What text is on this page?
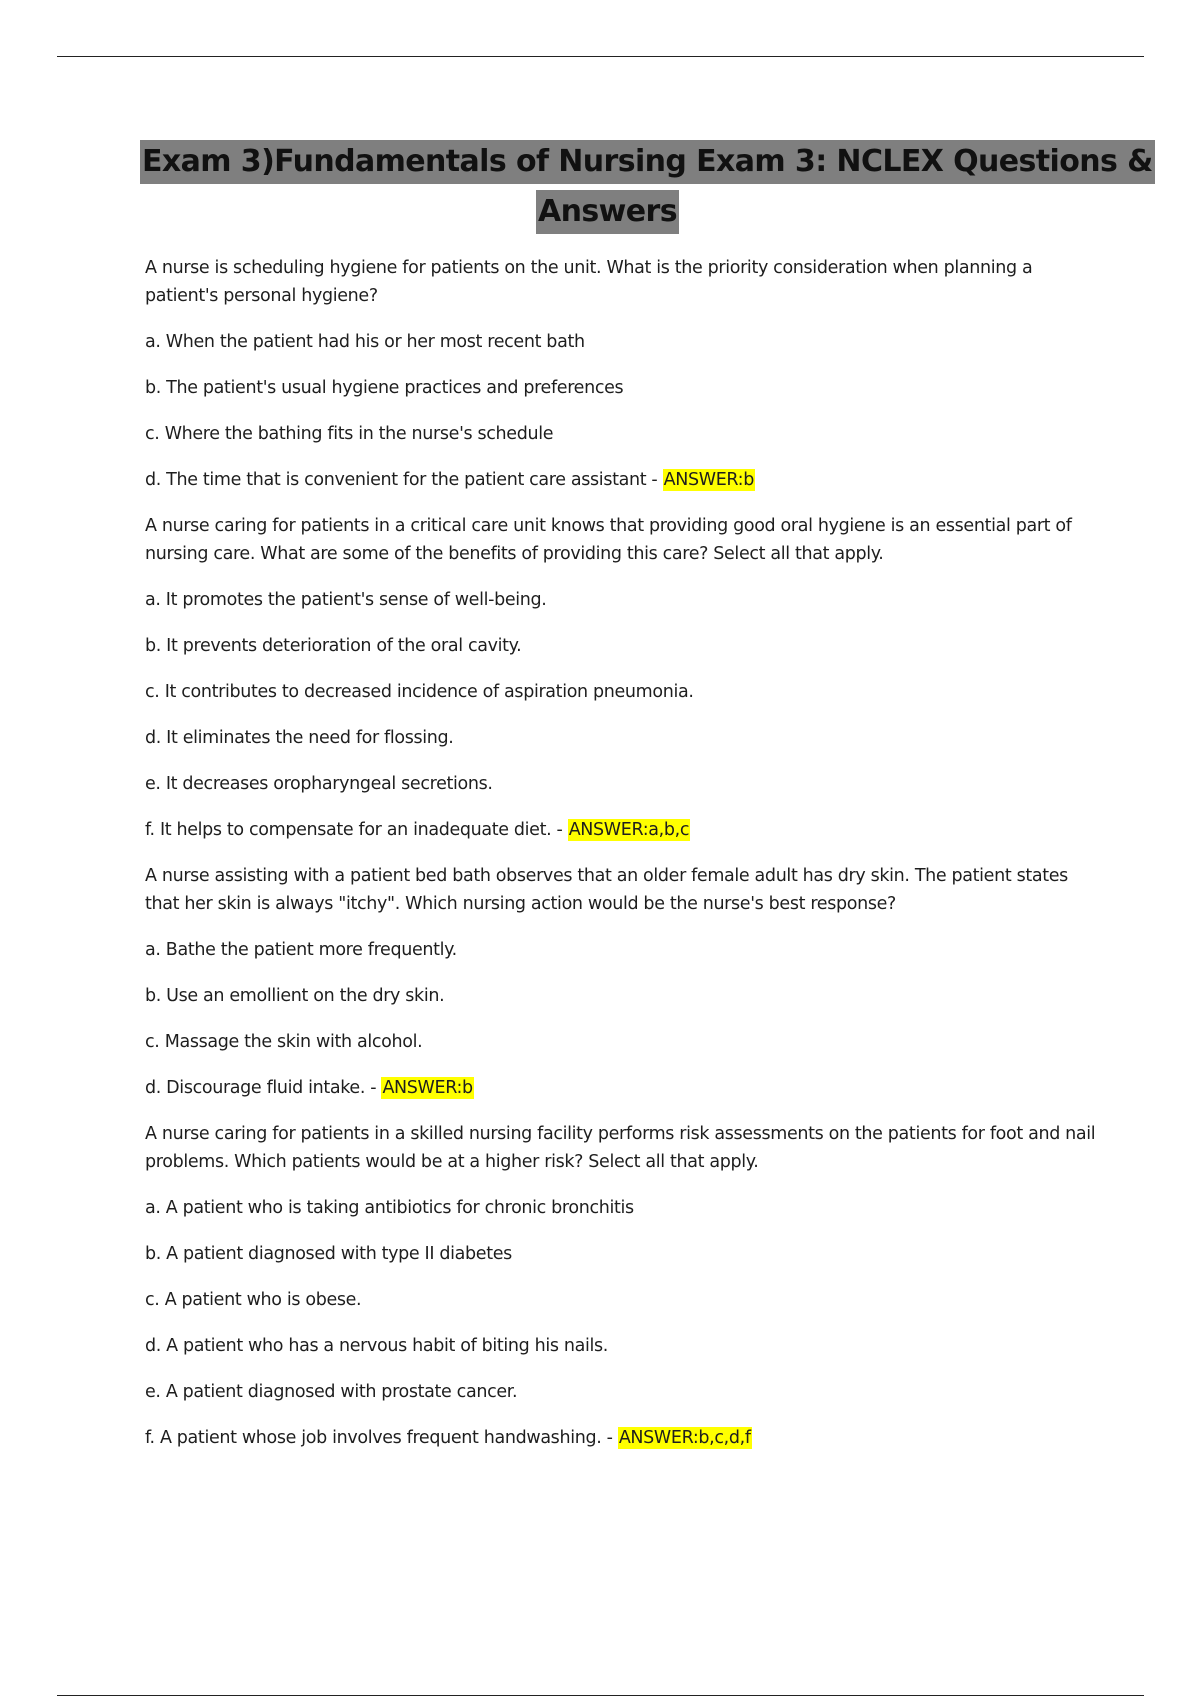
Exam 3)Fundamentals of Nursing Exam 3: NCLEX Questions &
Answers

A nurse is scheduling hygiene for patients on the unit. What is the priority consideration when planning a patient's personal hygiene?

a. When the patient had his or her most recent bath

b. The patient's usual hygiene practices and preferences

c. Where the bathing fits in the nurse's schedule

d. The time that is convenient for the patient care assistant - ANSWER:b

A nurse caring for patients in a critical care unit knows that providing good oral hygiene is an essential part of nursing care. What are some of the benefits of providing this care? Select all that apply.

a. It promotes the patient's sense of well-being.

b. It prevents deterioration of the oral cavity.

c. It contributes to decreased incidence of aspiration pneumonia.

d. It eliminates the need for flossing.

e. It decreases oropharyngeal secretions.

f. It helps to compensate for an inadequate diet. - ANSWER:a,b,c

A nurse assisting with a patient bed bath observes that an older female adult has dry skin. The patient states that her skin is always "itchy". Which nursing action would be the nurse's best response?

a. Bathe the patient more frequently.

b. Use an emollient on the dry skin.

c. Massage the skin with alcohol.

d. Discourage fluid intake. - ANSWER:b

A nurse caring for patients in a skilled nursing facility performs risk assessments on the patients for foot and nail problems. Which patients would be at a higher risk? Select all that apply.

a. A patient who is taking antibiotics for chronic bronchitis

b. A patient diagnosed with type II diabetes

c. A patient who is obese.

d. A patient who has a nervous habit of biting his nails.

e. A patient diagnosed with prostate cancer.

f. A patient whose job involves frequent handwashing. - ANSWER:b,c,d,f
